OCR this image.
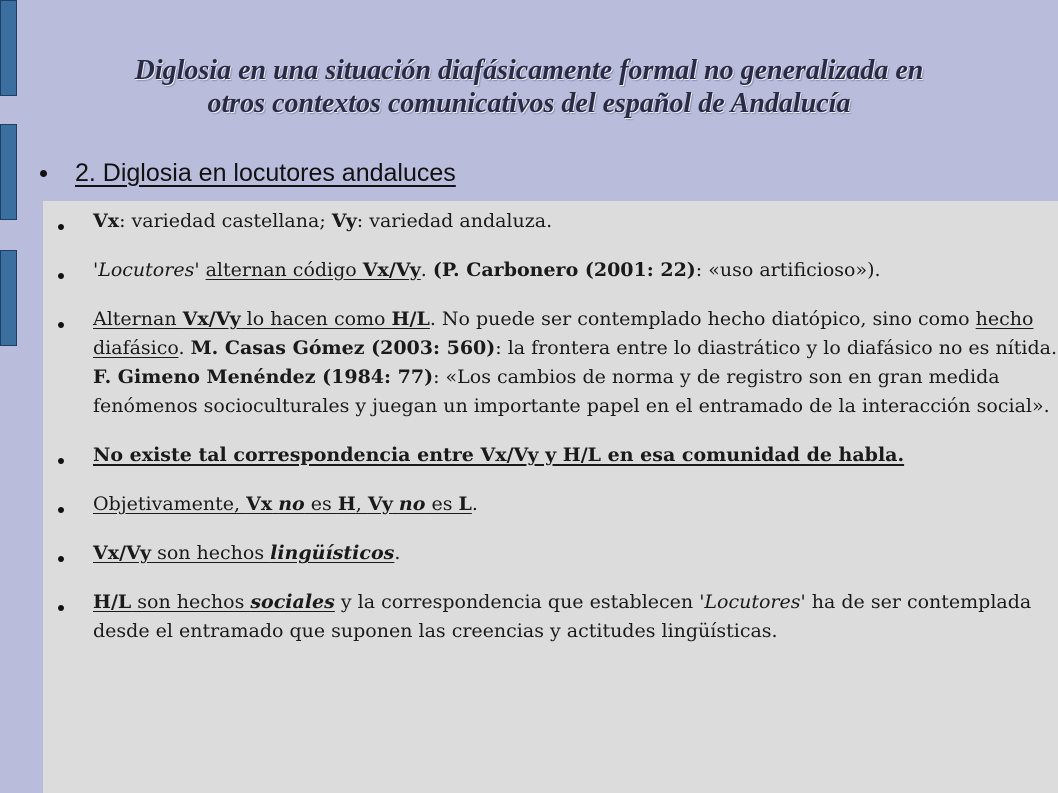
Diglosia en una situación diafásicamente formal no generalizada en
otros contextos comunicativos del español de Andalucía
2. Diglosia en locutores andaluces

Vx: variedad castellana; Vy: variedad andaluza.

'Locutores' alternan código Vx/Vy. (P. Carbonero (2001: 22): «uso artificioso»).

Alternan Vx/Vy lo hacen como H/L. No puede ser contemplado hecho diatópico, sino como hecho diafásico. M. Casas Gómez (2003: 560): la frontera entre lo diastrático y lo diafásico no es nítida. F. Gimeno Menéndez (1984: 77): «Los cambios de norma y de registro son en gran medida fenómenos socioculturales y juegan un importante papel en el entramado de la interacción social».

No existe tal correspondencia entre Vx/Vy y H/L en esa comunidad de habla.

Objetivamente, Vx no es H, Vy no es L.

Vx/Vy son hechos lingüísticos.

H/L son hechos sociales y la correspondencia que establecen 'Locutores' ha de ser contemplada desde el entramado que suponen las creencias y actitudes lingüísticas.
